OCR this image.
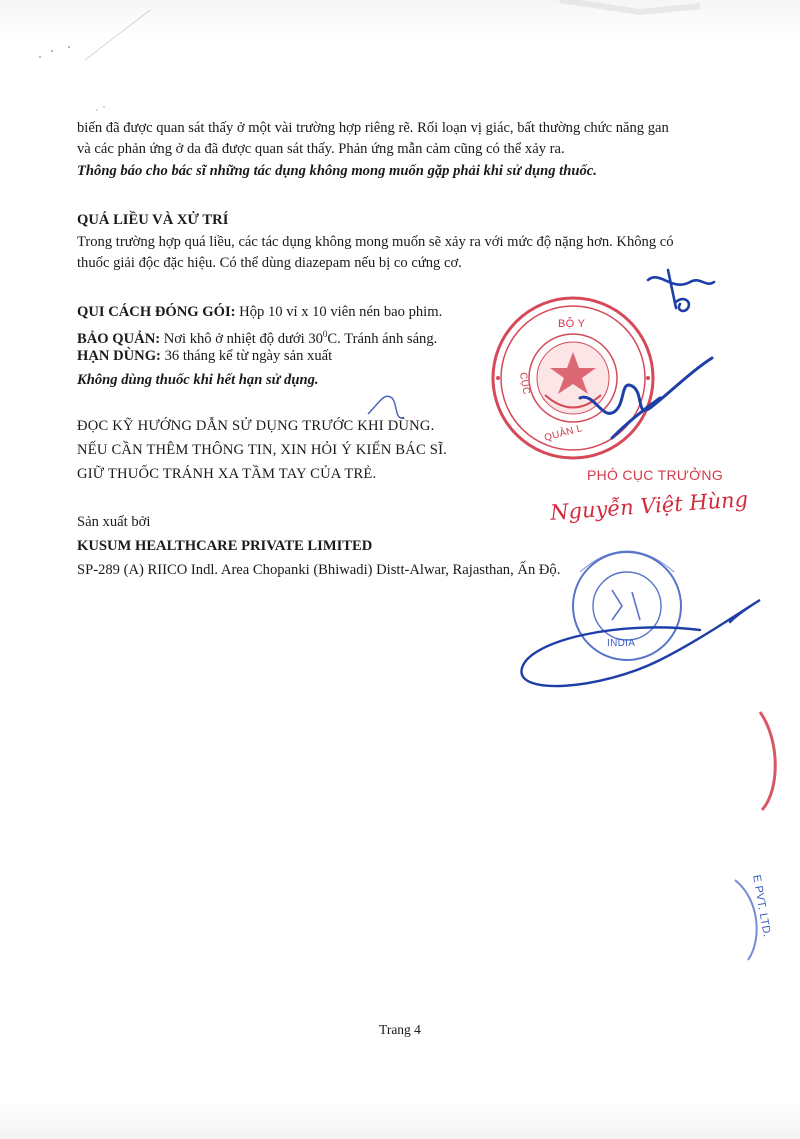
biến đã được quan sát thấy ở một vài trường hợp riêng rẽ. Rối loạn vị giác, bất thường chức năng gan
và các phản ứng ở da đã được quan sát thấy. Phản ứng mẫn cảm cũng có thể xảy ra.
Thông báo cho bác sĩ những tác dụng không mong muốn gặp phải khi sử dụng thuốc.
QUÁ LIỀU VÀ XỬ TRÍ
Trong trường hợp quá liều, các tác dụng không mong muốn sẽ xảy ra với mức độ nặng hơn. Không có
thuốc giải độc đặc hiệu. Có thể dùng diazepam nếu bị co cứng cơ.
QUI CÁCH ĐÓNG GÓI: Hộp 10 vỉ x 10 viên nén bao phim.
BẢO QUẢN: Nơi khô ở nhiệt độ dưới $30^0C$. Tránh ánh sáng.
HẠN DÙNG: 36 tháng kể từ ngày sản xuất
Không dùng thuốc khi hết hạn sử dụng.
ĐỌC KỸ HƯỚNG DẪN SỬ DỤNG TRƯỚC KHI DÙNG.
NẾU CẦN THÊM THÔNG TIN, XIN HỎI Ý KIẾN BÁC SĨ.
GIỮ THUỐC TRÁNH XA TẦM TAY CỦA TRẺ.
Sản xuất bởi
KUSUM HEALTHCARE PRIVATE LIMITED
SP-289 (A) RIICO Indl. Area Chopanki (Bhiwadi) Distt-Alwar, Rajasthan, Ấn Độ.
BỘ Y
CỤC
QUẢN L
INDIA
E PVT. LTD.
PHÓ CỤC TRƯỞNG
Nguyễn Việt Hùng
Trang 4
